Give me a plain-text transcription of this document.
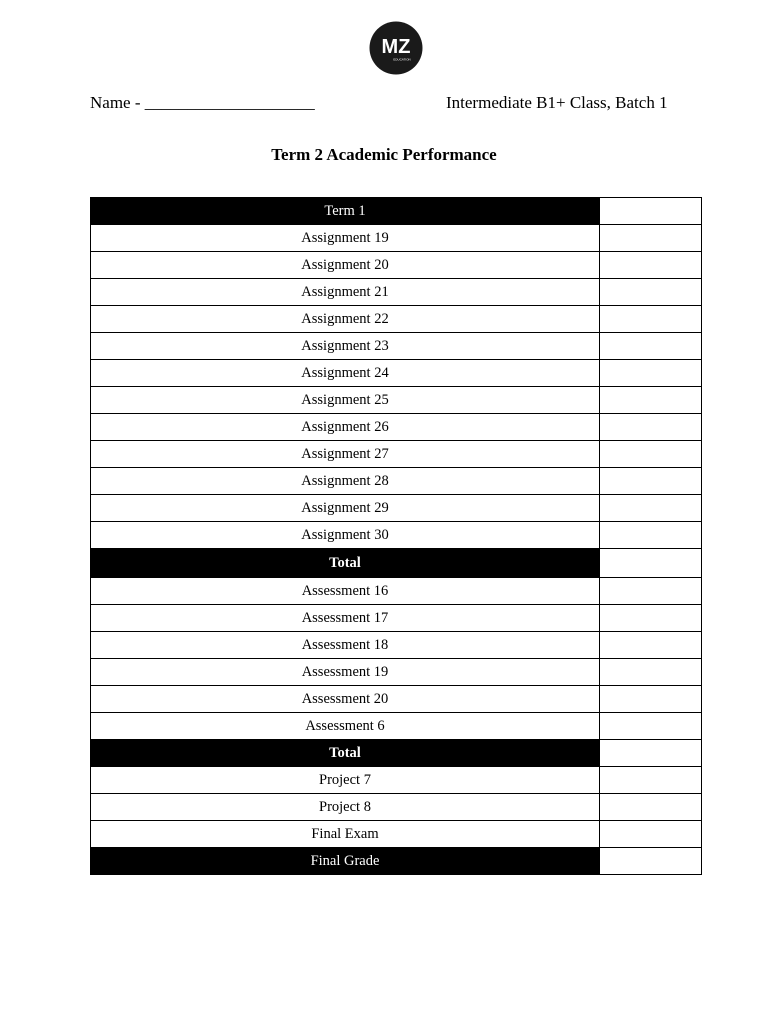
MZ
EDUCATION
Name - ____________________	Intermediate B1+ Class, Batch 1
Term 2 Academic Performance
Term 1	
Assignment 19	
Assignment 20	
Assignment 21	
Assignment 22	
Assignment 23	
Assignment 24	
Assignment 25	
Assignment 26	
Assignment 27	
Assignment 28	
Assignment 29	
Assignment 30	
Total	
Assessment 16	
Assessment 17	
Assessment 18	
Assessment 19	
Assessment 20	
Assessment 6	
Total	
Project 7	
Project 8	
Final Exam	
Final Grade	
